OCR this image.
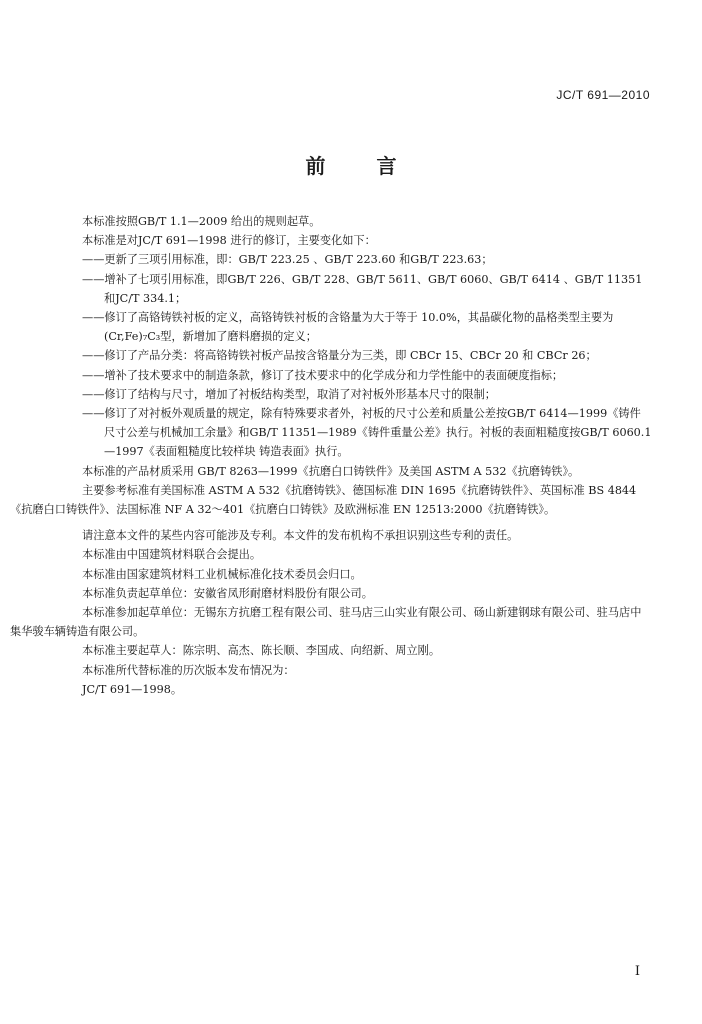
JC/T 691—2010
前 言

本标准按照GB/T 1.1—2009 给出的规则起草。

本标准是对JC/T 691—1998 进行的修订，主要变化如下：

——更新了三项引用标准，即：GB/T 223.25 、GB/T 223.60 和GB/T 223.63；

——增补了七项引用标准，即GB/T 226、GB/T 228、GB/T 5611、GB/T 6060、GB/T 6414 、GB/T 11351 和JC/T 334.1；

——修订了高铬铸铁衬板的定义，高铬铸铁衬板的含铬量为大于等于 10.0%，其晶碳化物的晶格类型主要为(Cr,Fe)₇C₃型，新增加了磨料磨损的定义；

——修订了产品分类：将高铬铸铁衬板产品按含铬量分为三类，即 CBCr 15、CBCr 20 和 CBCr 26；

——增补了技术要求中的制造条款，修订了技术要求中的化学成分和力学性能中的表面硬度指标；

——修订了结构与尺寸，增加了衬板结构类型，取消了对衬板外形基本尺寸的限制；

——修订了对衬板外观质量的规定，除有特殊要求者外，衬板的尺寸公差和质量公差按GB/T 6414—1999《铸件 尺寸公差与机械加工余量》和GB/T 11351—1989《铸件重量公差》执行。衬板的表面粗糙度按GB/T 6060.1—1997《表面粗糙度比较样块 铸造表面》执行。

本标准的产品材质采用 GB/T 8263—1999《抗磨白口铸铁件》及美国 ASTM A 532《抗磨铸铁》。

主要参考标准有美国标准 ASTM A 532《抗磨铸铁》、德国标准 DIN 1695《抗磨铸铁件》、英国标准 BS 4844《抗磨白口铸铁件》、法国标准 NF A 32～401《抗磨白口铸铁》及欧洲标准 EN 12513:2000《抗磨铸铁》。

请注意本文件的某些内容可能涉及专利。本文件的发布机构不承担识别这些专利的责任。

本标准由中国建筑材料联合会提出。

本标准由国家建筑材料工业机械标准化技术委员会归口。

本标准负责起草单位：安徽省凤形耐磨材料股份有限公司。

本标准参加起草单位：无锡东方抗磨工程有限公司、驻马店三山实业有限公司、砀山新建钢球有限公司、驻马店中集华骏车辆铸造有限公司。

本标准主要起草人：陈宗明、高杰、陈长顺、李国成、向绍新、周立刚。

本标准所代替标准的历次版本发布情况为：

JC/T 691—1998。

I
